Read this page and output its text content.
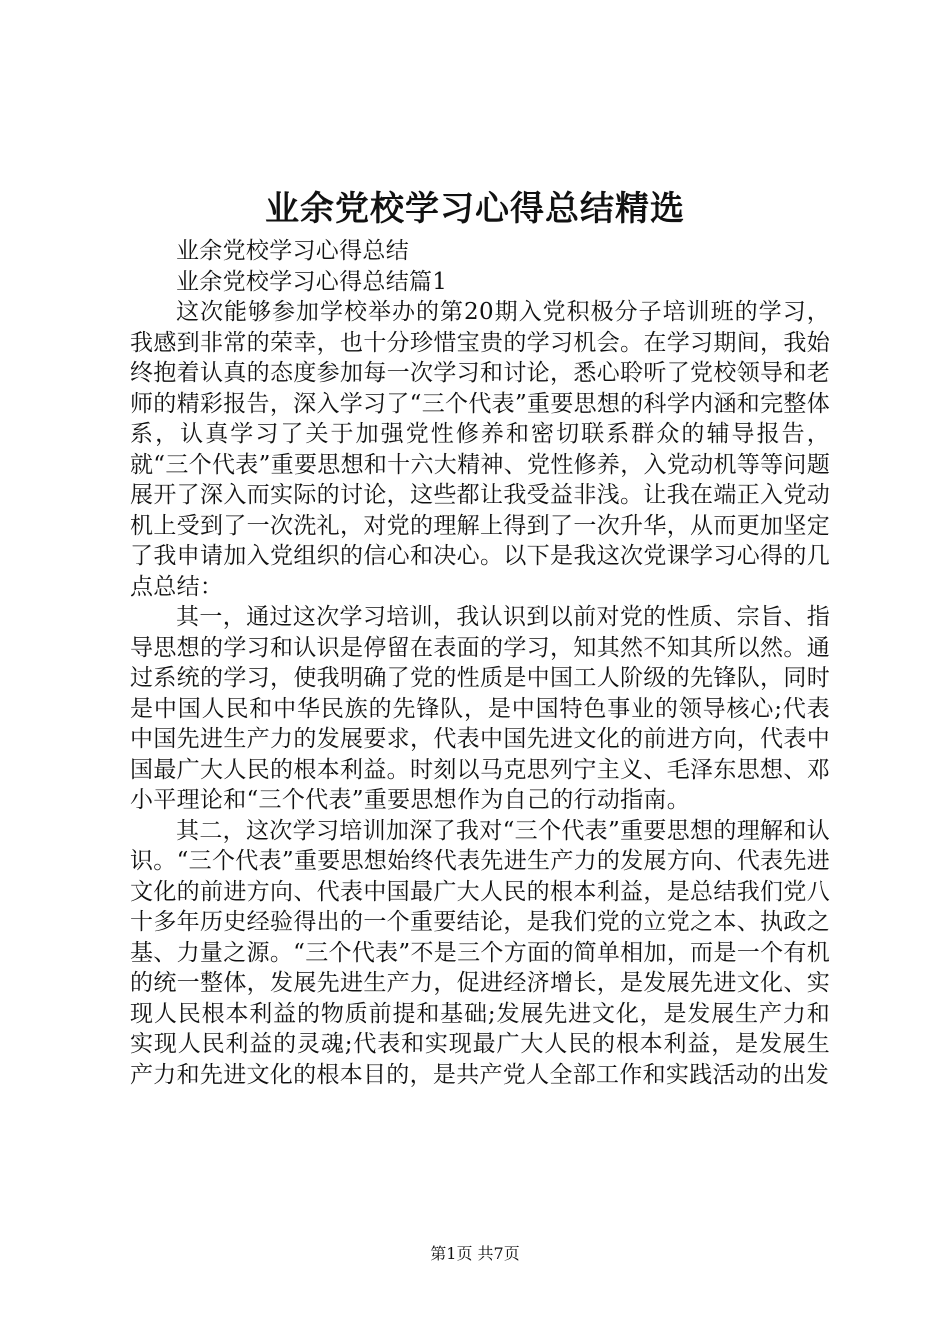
业余党校学习心得总结精选

业余党校学习心得总结

业余党校学习心得总结篇1

这次能够参加学校举办的第20期入党积极分子培训班的学习，我感到非常的荣幸，也十分珍惜宝贵的学习机会。在学习期间，我始终抱着认真的态度参加每一次学习和讨论，悉心聆听了党校领导和老师的精彩报告，深入学习了“三个代表”重要思想的科学内涵和完整体系，认真学习了关于加强党性修养和密切联系群众的辅导报告，就“三个代表”重要思想和十六大精神、党性修养，入党动机等等问题展开了深入而实际的讨论，这些都让我受益非浅。让我在端正入党动机上受到了一次洗礼，对党的理解上得到了一次升华，从而更加坚定了我申请加入党组织的信心和决心。以下是我这次党课学习心得的几点总结：

其一，通过这次学习培训，我认识到以前对党的性质、宗旨、指导思想的学习和认识是停留在表面的学习，知其然不知其所以然。通过系统的学习，使我明确了党的性质是中国工人阶级的先锋队，同时是中国人民和中华民族的先锋队，是中国特色事业的领导核心;代表中国先进生产力的发展要求，代表中国先进文化的前进方向，代表中国最广大人民的根本利益。时刻以马克思列宁主义、毛泽东思想、邓小平理论和“三个代表”重要思想作为自己的行动指南。

其二，这次学习培训加深了我对“三个代表”重要思想的理解和认识。“三个代表”重要思想始终代表先进生产力的发展方向、代表先进文化的前进方向、代表中国最广大人民的根本利益，是总结我们党八十多年历史经验得出的一个重要结论，是我们党的立党之本、执政之基、力量之源。“三个代表”不是三个方面的简单相加，而是一个有机的统一整体，发展先进生产力，促进经济增长，是发展先进文化、实现人民根本利益的物质前提和基础;发展先进文化，是发展生产力和实现人民利益的灵魂;代表和实现最广大人民的根本利益，是发展生产力和先进文化的根本目的，是共产党人全部工作和实践活动的出发

第1页 共7页
